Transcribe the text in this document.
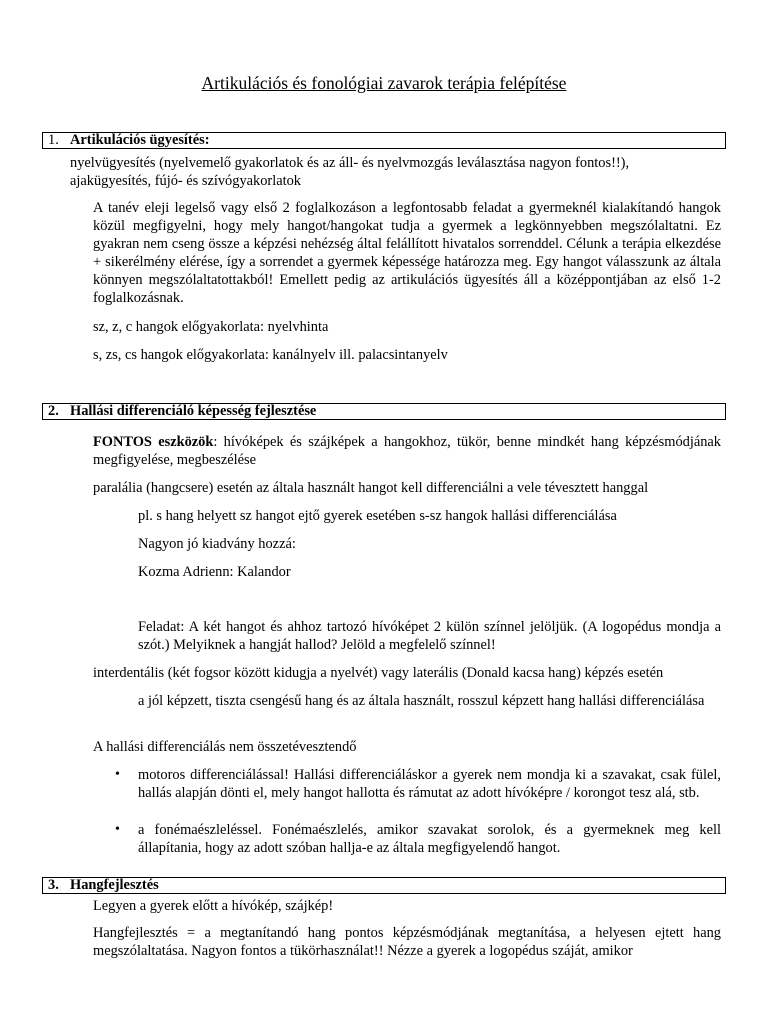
Artikulációs és fonológiai zavarok terápia felépítése
1. Artikulációs ügyesítés:
nyelvügyesítés (nyelvemelő gyakorlatok és az áll- és nyelvmozgás leválasztása nagyon fontos!!),
ajakügyesítés, fújó- és szívógyakorlatok
A tanév eleji legelső vagy első 2 foglalkozáson a legfontosabb feladat a gyermeknél kialakítandó hangok közül megfigyelni, hogy mely hangot/hangokat tudja a gyermek a legkönnyebben megszólaltatni. Ez gyakran nem cseng össze a képzési nehézség által felállított hivatalos sorrenddel. Célunk a terápia elkezdése + sikerélmény elérése, így a sorrendet a gyermek képessége határozza meg. Egy hangot válasszunk az általa könnyen megszólaltatottakból! Emellett pedig az artikulációs ügyesítés áll a középpontjában az első 1-2 foglalkozásnak.
sz, z, c hangok előgyakorlata: nyelvhinta
s, zs, cs hangok előgyakorlata: kanálnyelv ill. palacsintanyelv
2. Hallási differenciáló képesség fejlesztése
FONTOS eszközök: hívóképek és szájképek a hangokhoz, tükör, benne mindkét hang képzésmódjának megfigyelése, megbeszélése
paralália (hangcsere) esetén az általa használt hangot kell differenciálni a vele tévesztett hanggal
pl. s hang helyett sz hangot ejtő gyerek esetében s-sz hangok hallási differenciálása
Nagyon jó kiadvány hozzá:
Kozma Adrienn: Kalandor
Feladat: A két hangot és ahhoz tartozó hívóképet 2 külön színnel jelöljük. (A logopédus mondja a szót.) Melyiknek a hangját hallod? Jelöld a megfelelő színnel!
interdentális (két fogsor között kidugja a nyelvét) vagy laterális (Donald kacsa hang) képzés esetén
a jól képzett, tiszta csengésű hang és az általa használt, rosszul képzett hang hallási differenciálása
A hallási differenciálás nem összetévesztendő
• motoros differenciálással! Hallási differenciáláskor a gyerek nem mondja ki a szavakat, csak fülel, hallás alapján dönti el, mely hangot hallotta és rámutat az adott hívóképre / korongot tesz alá, stb.
• a fonémaészleléssel. Fonémaészlelés, amikor szavakat sorolok, és a gyermeknek meg kell állapítania, hogy az adott szóban hallja-e az általa megfigyelendő hangot.
3. Hangfejlesztés
Legyen a gyerek előtt a hívókép, szájkép!
Hangfejlesztés = a megtanítandó hang pontos képzésmódjának megtanítása, a helyesen ejtett hang megszólaltatása. Nagyon fontos a tükörhasználat!! Nézze a gyerek a logopédus száját, amikor
